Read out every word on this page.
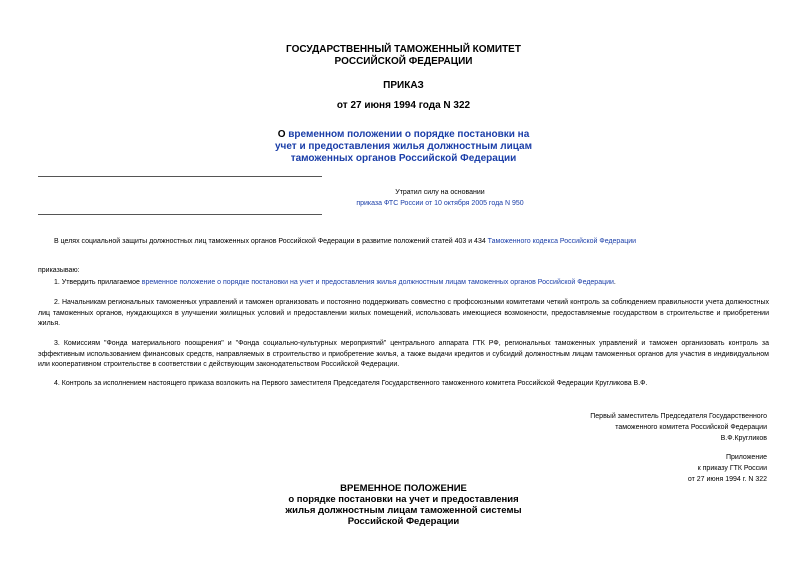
ГОСУДАРСТВЕННЫЙ ТАМОЖЕННЫЙ КОМИТЕТ
РОССИЙСКОЙ ФЕДЕРАЦИИ
ПРИКАЗ
от 27 июня 1994 года N 322
О временном положении о порядке постановки на
учет и предоставления жилья должностным лицам
таможенных органов Российской Федерации
Утратил силу на основании
приказа ФТС России от 10 октября 2005 года N 950
В целях социальной защиты должностных лиц таможенных органов Российской Федерации в развитие положений статей 403 и 434 Таможенного кодекса Российской Федерации
приказываю:
1. Утвердить прилагаемое временное положение о порядке постановки на учет и предоставления жилья должностным лицам таможенных органов Российской Федерации.
2. Начальникам региональных таможенных управлений и таможен организовать и постоянно поддерживать совместно с профсоюзными комитетами четкий контроль за соблюдением правильности учета должностных лиц таможенных органов, нуждающихся в улучшении жилищных условий и предоставлении жилых помещений, использовать имеющиеся возможности, предоставляемые государством в строительстве и приобретении жилья.
3. Комиссиям "Фонда материального поощрения" и "Фонда социально-культурных мероприятий" центрального аппарата ГТК РФ, региональных таможенных управлений и таможен организовать контроль за эффективным использованием финансовых средств, направляемых в строительство и приобретение жилья, а также выдачи кредитов и субсидий должностным лицам таможенных органов для участия в индивидуальном или кооперативном строительстве в соответствии с действующим законодательством Российской Федерации.
4. Контроль за исполнением настоящего приказа возложить на Первого заместителя Председателя Государственного таможенного комитета Российской Федерации Кругликова В.Ф.
Первый заместитель Председателя Государственного
таможенного комитета Российской Федерации
В.Ф.Кругликов
Приложение
к приказу ГТК России
от 27 июня 1994 г. N 322
ВРЕМЕННОЕ ПОЛОЖЕНИЕ
о порядке постановки на учет и предоставления
жилья должностным лицам таможенной системы
Российской Федерации
